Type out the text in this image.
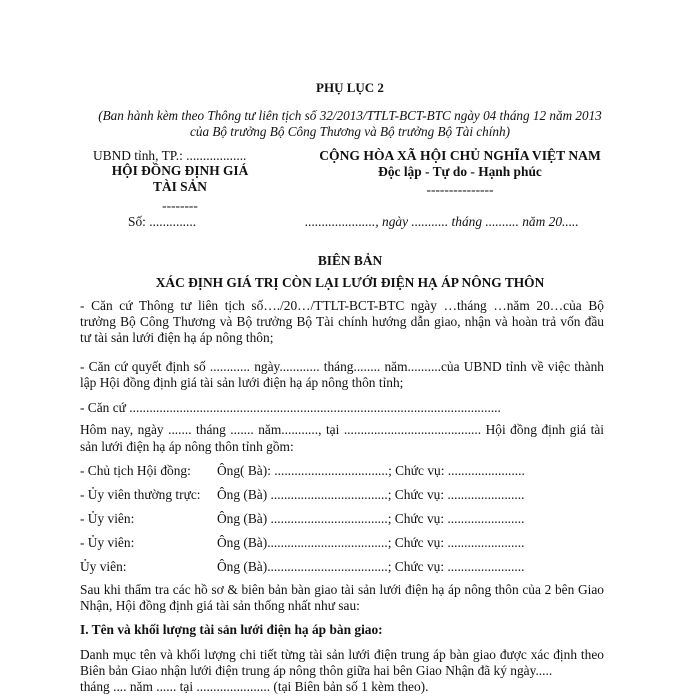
PHỤ LỤC 2
(Ban hành kèm theo Thông tư liên tịch số 32/2013/TTLT-BCT-BTC ngày 04 tháng 12 năm 2013
của Bộ trưởng Bộ Công Thương và Bộ trưởng Bộ Tài chính)
UBND tỉnh, TP.: ..................
HỘI ĐỒNG ĐỊNH GIÁ
TÀI SẢN
--------
Số: ..............
CỘNG HÒA XÃ HỘI CHỦ NGHĨA VIỆT NAM
Độc lập - Tự do - Hạnh phúc
---------------
....................., ngày ........... tháng .......... năm 20.....
BIÊN BẢN
XÁC ĐỊNH GIÁ TRỊ CÒN LẠI LƯỚI ĐIỆN HẠ ÁP NÔNG THÔN
- Căn cứ Thông tư liên tịch số…./20…/TTLT-BCT-BTC ngày …tháng …năm 20…của Bộ
trưởng Bộ Công Thương và Bộ trưởng Bộ Tài chính hướng dẫn giao, nhận và hoàn trả vốn đầu
tư tài sản lưới điện hạ áp nông thôn;
- Căn cứ quyết định số ............ ngày............ tháng........ năm..........của UBND tỉnh về việc thành
lập Hội đồng định giá tài sản lưới điện hạ áp nông thôn tỉnh;
- Căn cứ ...............................................................................................................
Hôm nay, ngày ....... tháng ....... năm..........., tại ......................................... Hội đồng định giá tài
sản lưới điện hạ áp nông thôn tỉnh gồm:
- Chủ tịch Hội đồng: Ông( Bà): ..................................; Chức vụ: .......................
- Ủy viên thường trực: Ông (Bà) ...................................; Chức vụ: .......................
- Ủy viên:	Ông (Bà) ...................................; Chức vụ: .......................
- Ủy viên:	Ông (Bà)....................................; Chức vụ: .......................
Ủy viên:	Ông (Bà)....................................; Chức vụ: .......................
Sau khi thẩm tra các hồ sơ & biên bản bàn giao tài sản lưới điện hạ áp nông thôn của 2 bên Giao
Nhận, Hội đồng định giá tài sản thống nhất như sau:
I. Tên và khối lượng tài sản lưới điện hạ áp bàn giao:
Danh mục tên và khối lượng chi tiết từng tài sản lưới điện trung áp bàn giao được xác định theo
Biên bản Giao nhận lưới điện trung áp nông thôn giữa hai bên Giao Nhận đã ký ngày.....
tháng .... năm ...... tại ...................... (tại Biên bản số 1 kèm theo).
